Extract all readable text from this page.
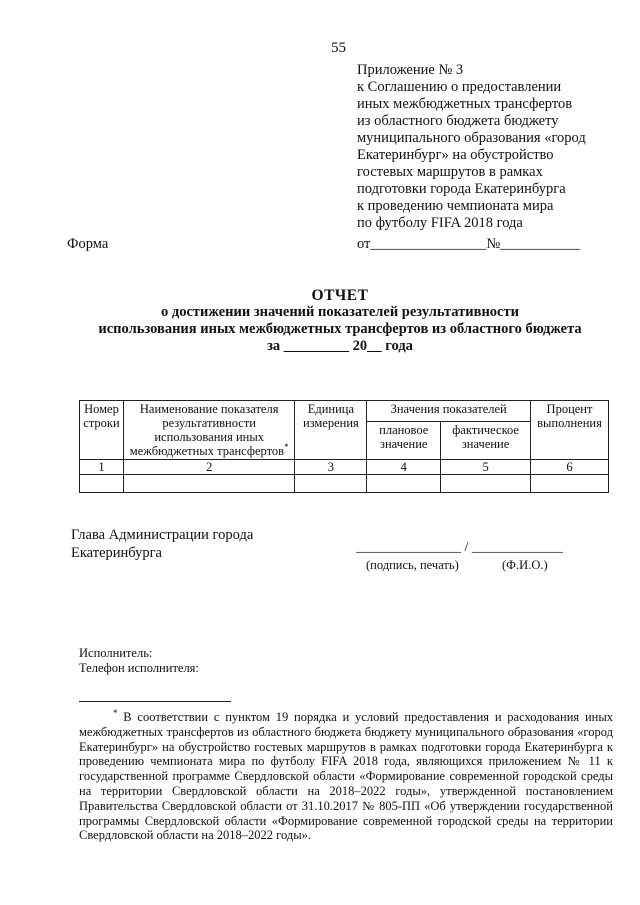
55
Приложение № 3
к Соглашению о предоставлении
иных межбюджетных трансфертов
из областного бюджета бюджету
муниципального образования «город
Екатеринбург» на обустройство
гостевых маршрутов в рамках
подготовки города Екатеринбурга
к проведению чемпионата мира
по футболу FIFA 2018 года
Форма	от________________№___________
ОТЧЕТ
о достижении значений показателей результативности
использования иных межбюджетных трансфертов из областного бюджета
за _________ 20__ года
Номер строки	Наименование показателя результативности использования иных межбюджетных трансфертов*	Единица измерения	Значения показателей		Процент выполнения
			плановое значение	фактическое значение	
1	2	3	4	5	6

Глава Администрации города
Екатеринбурга	_______________ / _____________
(подпись, печать)	(Ф.И.О.)
Исполнитель:
Телефон исполнителя:
* В соответствии с пунктом 19 порядка и условий предоставления и расходования иных межбюджетных трансфертов из областного бюджета бюджету муниципального образования «город Екатеринбург» на обустройство гостевых маршрутов в рамках подготовки города Екатеринбурга к проведению чемпионата мира по футболу FIFA 2018 года, являющихся приложением № 11 к государственной программе Свердловской области «Формирование современной городской среды на территории Свердловской области на 2018–2022 годы», утвержденной постановлением Правительства Свердловской области от 31.10.2017 № 805-ПП «Об утверждении государственной программы Свердловской области «Формирование современной городской среды на территории Свердловской области на 2018–2022 годы».
